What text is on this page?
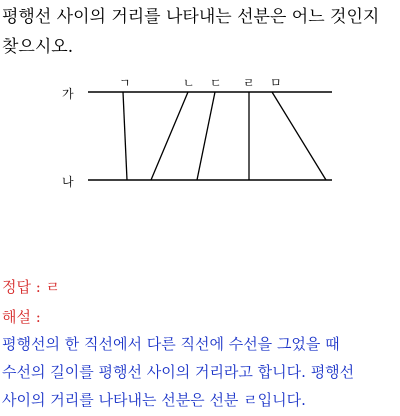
평행선 사이의 거리를 나타내는 선분은 어느 것인지
찾으시오.
가
나
ㄱ	ㄴ ㄷ ㄹ ㅁ
정답 : ㄹ
해설 :
평행선의 한 직선에서 다른 직선에 수선을 그었을 때
수선의 길이를 평행선 사이의 거리라고 합니다. 평행선
사이의 거리를 나타내는 선분은 선분 ㄹ입니다.
